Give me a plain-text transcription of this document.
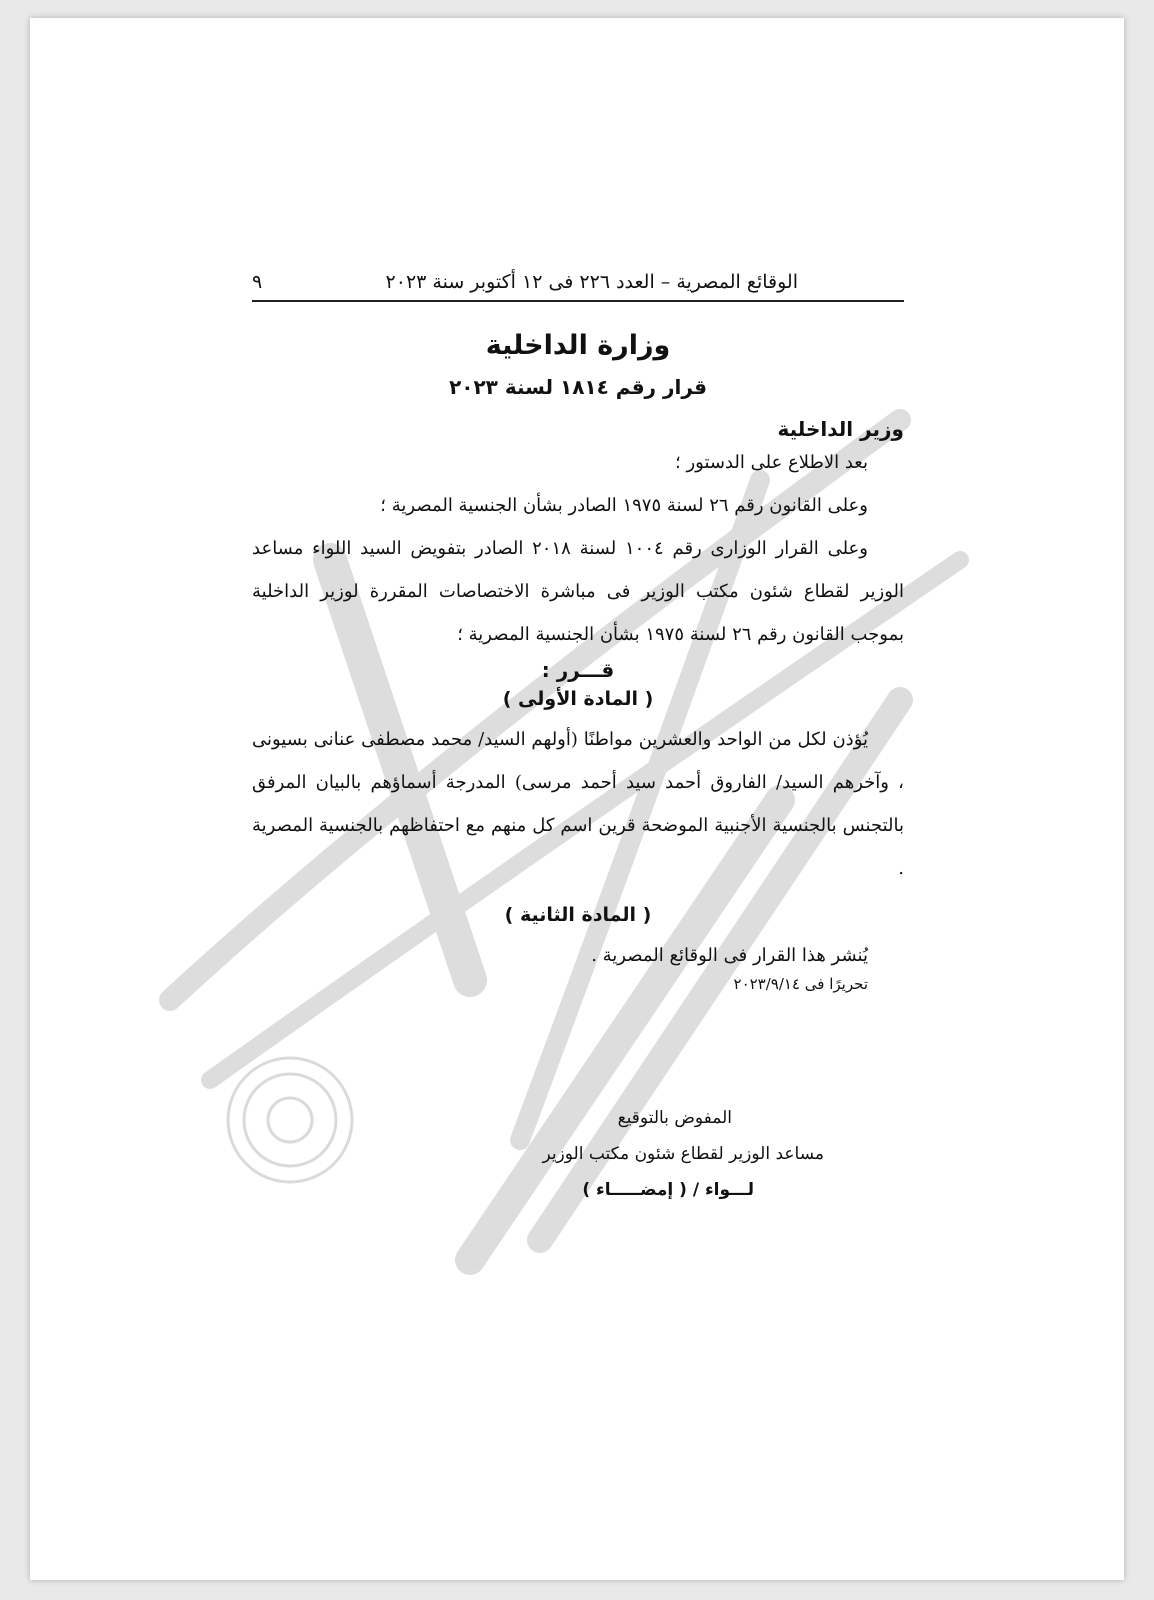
الوقائع المصرية – العدد ٢٢٦ فى ١٢ أكتوبر سنة ٢٠٢٣
٩
وزارة الداخلية
قرار رقم ١٨١٤ لسنة ٢٠٢٣
وزير الداخلية
بعد الاطلاع على الدستور ؛
وعلى القانون رقم ٢٦ لسنة ١٩٧٥ الصادر بشأن الجنسية المصرية ؛
وعلى القرار الوزارى رقم ١٠٠٤ لسنة ٢٠١٨ الصادر بتفويض السيد اللواء مساعد الوزير لقطاع شئون مكتب الوزير فى مباشرة الاختصاصات المقررة لوزير الداخلية بموجب القانون رقم ٢٦ لسنة ١٩٧٥ بشأن الجنسية المصرية ؛
قـــرر :
( المادة الأولى )
يُؤذن لكل من الواحد والعشرين مواطنًا (أولهم السيد/ محمد مصطفى عنانى بسيونى ، وآخرهم السيد/ الفاروق أحمد سيد أحمد مرسى) المدرجة أسماؤهم بالبيان المرفق بالتجنس بالجنسية الأجنبية الموضحة قرين اسم كل منهم مع احتفاظهم بالجنسية المصرية .
( المادة الثانية )
يُنشر هذا القرار فى الوقائع المصرية .
تحريرًا فى ٢٠٢٣/٩/١٤
المفوض بالتوقيع
مساعد الوزير لقطاع شئون مكتب الوزير
لـــواء / ( إمضـــــاء )
